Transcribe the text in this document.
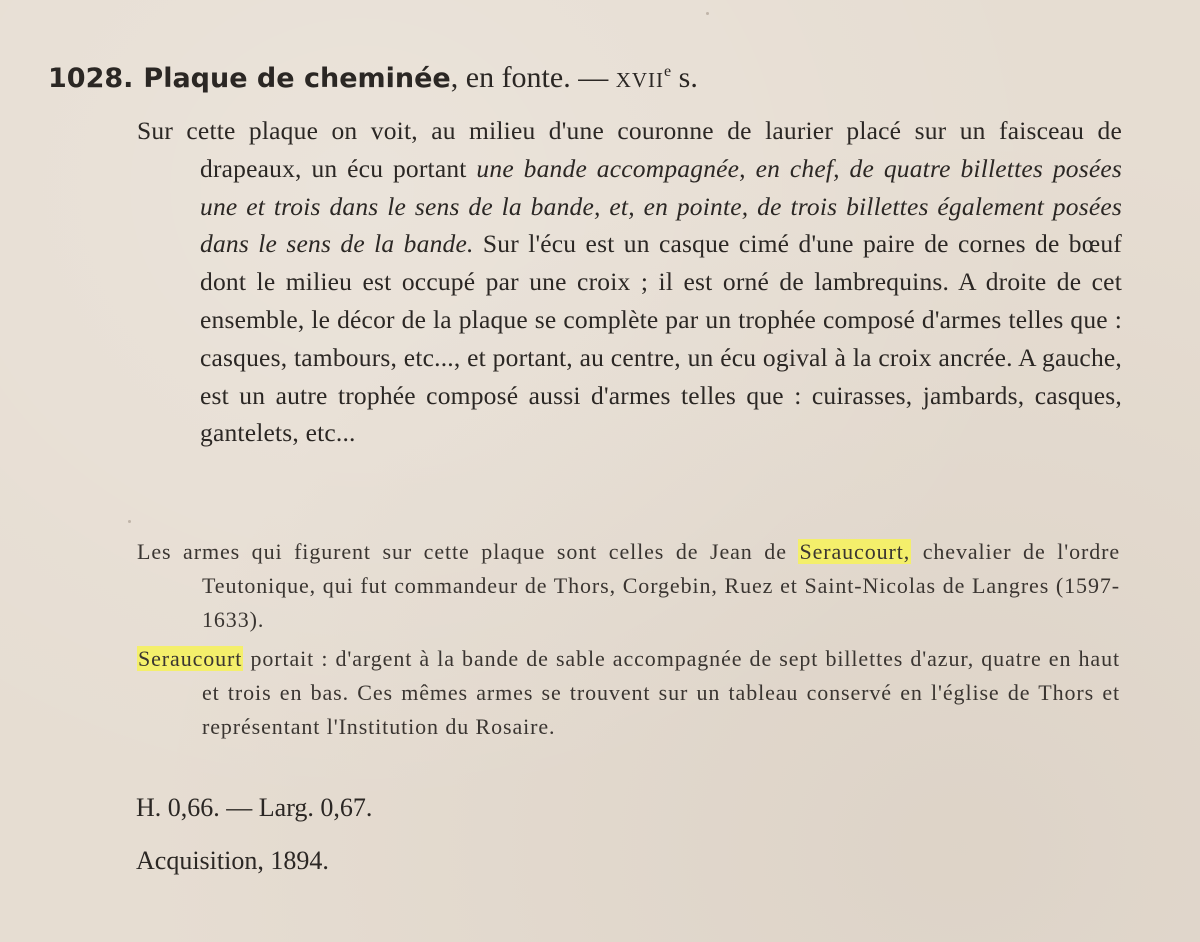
1028. Plaque de cheminée, en fonte. — xvii$^e$ s.
Sur cette plaque on voit, au milieu d'une couronne de laurier placé sur un faisceau de drapeaux, un écu portant une bande accompagnée, en chef, de quatre billettes posées une et trois dans le sens de la bande, et, en pointe, de trois billettes également posées dans le sens de la bande. Sur l'écu est un casque cimé d'une paire de cornes de bœuf dont le milieu est occupé par une croix ; il est orné de lambrequins. A droite de cet ensemble, le décor de la plaque se complète par un trophée composé d'armes telles que : casques, tambours, etc..., et portant, au centre, un écu ogival à la croix ancrée. A gauche, est un autre trophée composé aussi d'armes telles que : cuirasses, jambards, casques, gantelets, etc...
Les armes qui figurent sur cette plaque sont celles de Jean de Seraucourt, chevalier de l'ordre Teutonique, qui fut commandeur de Thors, Corgebin, Ruez et Saint-Nicolas de Langres (1597-1633).
Seraucourt portait : d'argent à la bande de sable accompagnée de sept billettes d'azur, quatre en haut et trois en bas. Ces mêmes armes se trouvent sur un tableau conservé en l'église de Thors et représentant l'Institution du Rosaire.
H. 0,66. — Larg. 0,67.
Acquisition, 1894.
